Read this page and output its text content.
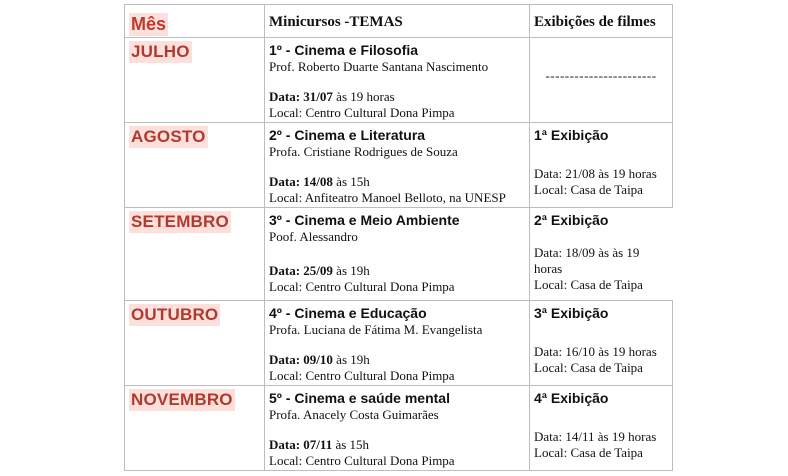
Mês	Minicursos -TEMAS	Exibições de filmes
JULHO	1º - Cinema e Filosofia
Prof. Roberto Duarte Santana Nascimento
Data: 31/07 às 19 horas
Local: Centro Cultural Dona Pimpa	-----------------------

AGOSTO	2º - Cinema e Literatura
Profa. Cristiane Rodrigues de Souza
Data: 14/08 às 15h
Local: Anfiteatro Manoel Belloto, na UNESP	1ª Exibição
Data: 21/08 às 19 horas
Local: Casa de Taipa

SETEMBRO	3º - Cinema e Meio Ambiente
Poof. Alessandro
Data: 25/09 às 19h
Local: Centro Cultural Dona Pimpa	2ª Exibição
Data: 18/09 às às 19 horas
Local: Casa de Taipa

OUTUBRO	4º - Cinema e Educação
Profa. Luciana de Fátima M. Evangelista
Data: 09/10 às 19h
Local: Centro Cultural Dona Pimpa	3ª Exibição
Data: 16/10 às 19 horas
Local: Casa de Taipa

NOVEMBRO	5º - Cinema e saúde mental
Profa. Anacely Costa Guimarães
Data: 07/11 às 15h
Local: Centro Cultural Dona Pimpa	4ª Exibição
Data: 14/11 às 19 horas
Local: Casa de Taipa
